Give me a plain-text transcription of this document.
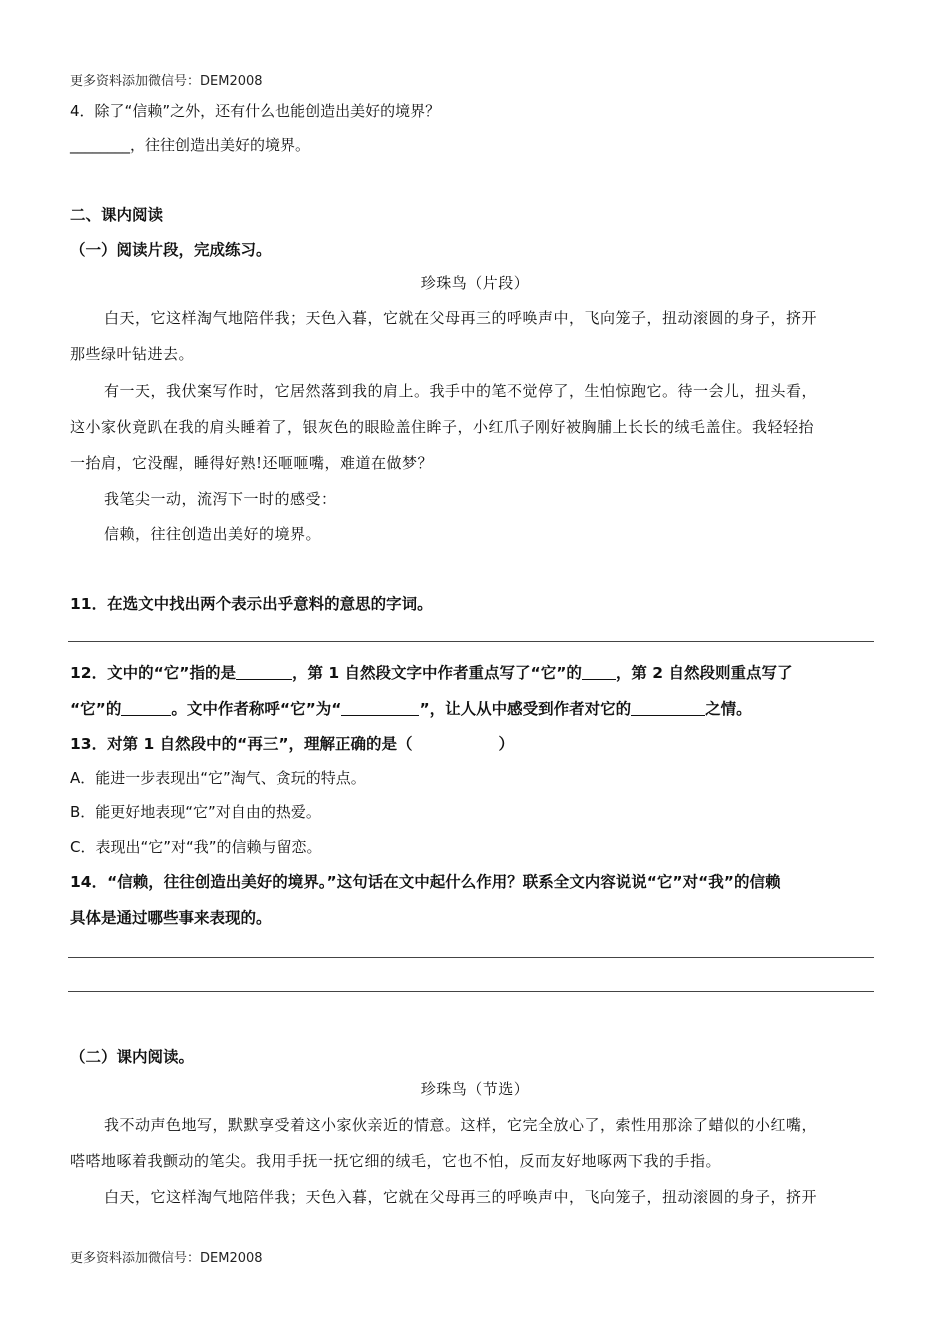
更多资料添加微信号：DEM2008
4．除了“信赖”之外，还有什么也能创造出美好的境界？
________，往往创造出美好的境界。
二、课内阅读
（一）阅读片段，完成练习。
珍珠鸟（片段）
白天，它这样淘气地陪伴我；天色入暮，它就在父母再三的呼唤声中，飞向笼子，扭动滚圆的身子，挤开
那些绿叶钻进去。
有一天，我伏案写作时，它居然落到我的肩上。我手中的笔不觉停了，生怕惊跑它。待一会儿，扭头看，
这小家伙竟趴在我的肩头睡着了，银灰色的眼睑盖住眸子，小红爪子刚好被胸脯上长长的绒毛盖住。我轻轻抬
一抬肩，它没醒，睡得好熟!还咂咂嘴，难道在做梦？
我笔尖一动，流泻下一时的感受：
信赖，往往创造出美好的境界。
11．在选文中找出两个表示出乎意料的意思的字词。
12．文中的“它”指的是	，第 1 自然段文字中作者重点写了“它”的 ，第 2 自然段则重点写了
“它”的	。文中作者称呼“它”为“	”，让人从中感受到作者对它的	之情。
13．对第 1 自然段中的“再三”，理解正确的是（	）
A．能进一步表现出“它”淘气、贪玩的特点。
B．能更好地表现“它”对自由的热爱。
C．表现出“它”对“我”的信赖与留恋。
14．“信赖，往往创造出美好的境界。”这句话在文中起什么作用？联系全文内容说说“它”对“我”的信赖
具体是通过哪些事来表现的。
（二）课内阅读。
珍珠鸟（节选）
我不动声色地写，默默享受着这小家伙亲近的情意。这样，它完全放心了，索性用那涂了蜡似的小红嘴，
嗒嗒地啄着我颤动的笔尖。我用手抚一抚它细的绒毛，它也不怕，反而友好地啄两下我的手指。
白天，它这样淘气地陪伴我；天色入暮，它就在父母再三的呼唤声中，飞向笼子，扭动滚圆的身子，挤开
更多资料添加微信号：DEM2008
